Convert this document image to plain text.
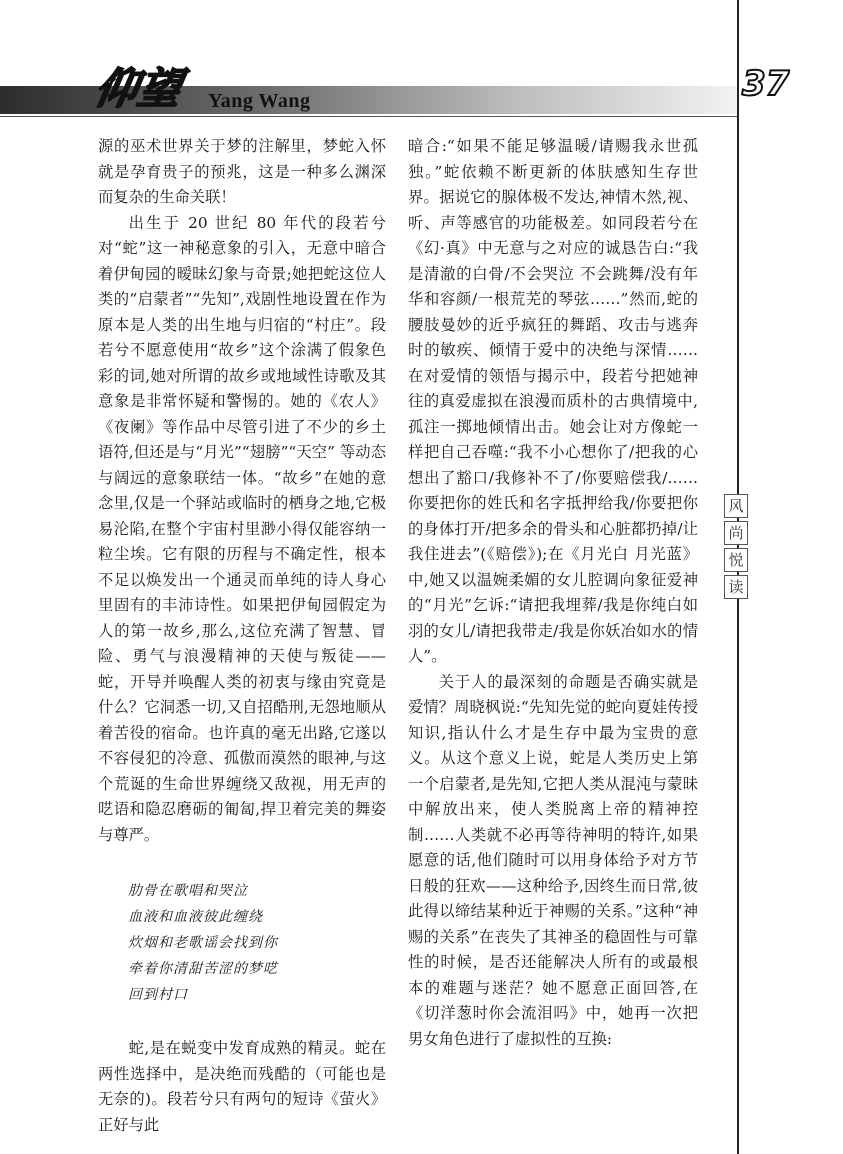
仰望 Yang Wang	37
风
尚
悦
读

源的巫术世界关于梦的注解里，梦蛇入怀就是孕育贵子的预兆，这是一种多么渊深而复杂的生命关联！

出生于 20 世纪 80 年代的段若兮对“蛇”这一神秘意象的引入，无意中暗合着伊甸园的暧昧幻象与奇景;她把蛇这位人类的“启蒙者”“先知”,戏剧性地设置在作为原本是人类的出生地与归宿的“村庄”。段若兮不愿意使用“故乡”这个涂满了假象色彩的词,她对所谓的故乡或地域性诗歌及其意象是非常怀疑和警惕的。她的《农人》《夜阑》等作品中尽管引进了不少的乡土语符,但还是与“月光”“翅膀”“天空” 等动态与阔远的意象联结一体。“故乡”在她的意念里,仅是一个驿站或临时的栖身之地,它极易沦陷,在整个宇宙村里渺小得仅能容纳一粒尘埃。它有限的历程与不确定性，根本不足以焕发出一个通灵而单纯的诗人身心里固有的丰沛诗性。如果把伊甸园假定为人的第一故乡,那么,这位充满了智慧、冒险、勇气与浪漫精神的天使与叛徒——蛇，开导并唤醒人类的初衷与缘由究竟是什么？它洞悉一切,又自招酷刑,无怨地顺从着苦役的宿命。也许真的毫无出路,它遂以不容侵犯的冷意、孤傲而漠然的眼神,与这个荒诞的生命世界缠绕又敌视，用无声的呓语和隐忍磨砺的匍匐,捍卫着完美的舞姿与尊严。

肋骨在歌唱和哭泣
血液和血液彼此缠绕
炊烟和老歌谣会找到你
牵着你清甜苦涩的梦呓
回到村口

蛇,是在蜕变中发育成熟的精灵。蛇在两性选择中，是决绝而残酷的（可能也是无奈的)。段若兮只有两句的短诗《萤火》正好与此

暗合:“如果不能足够温暖/请赐我永世孤独。”蛇依赖不断更新的体肤感知生存世界。据说它的腺体极不发达,神情木然,视、听、声等感官的功能极差。如同段若兮在《幻·真》中无意与之对应的诚恳告白:“我是清澈的白骨/不会哭泣 不会跳舞/没有年华和容颜/一根荒芜的琴弦……”然而,蛇的腰肢曼妙的近乎疯狂的舞蹈、攻击与逃奔时的敏疾、倾情于爱中的决绝与深情……在对爱情的领悟与揭示中，段若兮把她神往的真爱虚拟在浪漫而质朴的古典情境中,孤注一掷地倾情出击。她会让对方像蛇一样把自己吞噬:“我不小心想你了/把我的心想出了豁口/我修补不了/你要赔偿我/……你要把你的姓氏和名字抵押给我/你要把你的身体打开/把多余的骨头和心脏都扔掉/让我住进去”(《赔偿》);在《月光白 月光蓝》中,她又以温婉柔媚的女儿腔调向象征爱神的“月光”乞诉:“请把我埋葬/我是你纯白如羽的女儿/请把我带走/我是你妖冶如水的情人”。

关于人的最深刻的命题是否确实就是爱情？周晓枫说:“先知先觉的蛇向夏娃传授知识,指认什么才是生存中最为宝贵的意义。从这个意义上说，蛇是人类历史上第一个启蒙者,是先知,它把人类从混沌与蒙昧中解放出来，使人类脱离上帝的精神控制……人类就不必再等待神明的特许,如果愿意的话,他们随时可以用身体给予对方节日般的狂欢——这种给予,因终生而日常,彼此得以缔结某种近于神赐的关系。”这种“神赐的关系”在丧失了其神圣的稳固性与可靠性的时候，是否还能解决人所有的或最根本的难题与迷茫？她不愿意正面回答,在《切洋葱时你会流泪吗》中，她再一次把男女角色进行了虚拟性的互换:
